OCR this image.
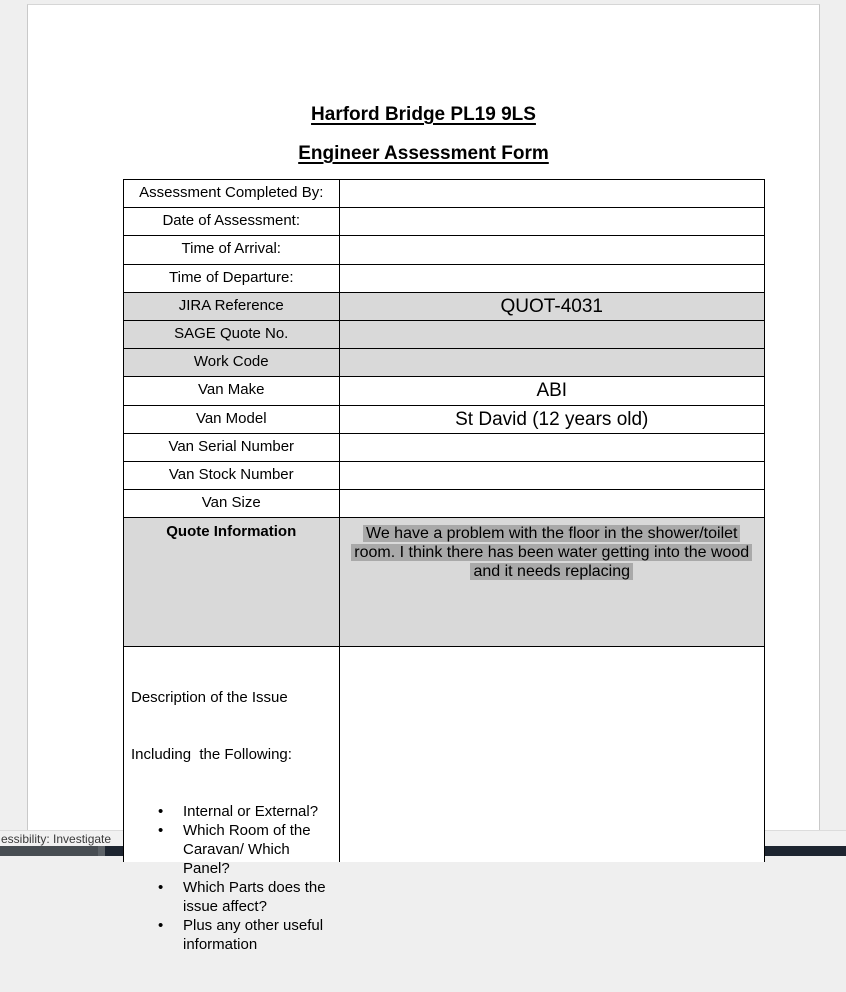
Harford Bridge PL19 9LS
Engineer Assessment Form
Assessment Completed By:
Date of Assessment:
Time of Arrival:
Time of Departure:
JIRA Reference	QUOT-4031
SAGE Quote No.
Work Code
Van Make	ABI
Van Model	St David (12 years old)
Van Serial Number
Van Stock Number
Van Size
Quote Information	We have a problem with the floor in the shower/toilet
room. I think there has been water getting into the wood
and it needs replacing

Description of the Issue

Including  the Following:

• Internal or External?
• Which Room of the Caravan/ Which Panel?
• Which Parts does the issue affect?
• Plus any other useful information

essibility: Investigate
